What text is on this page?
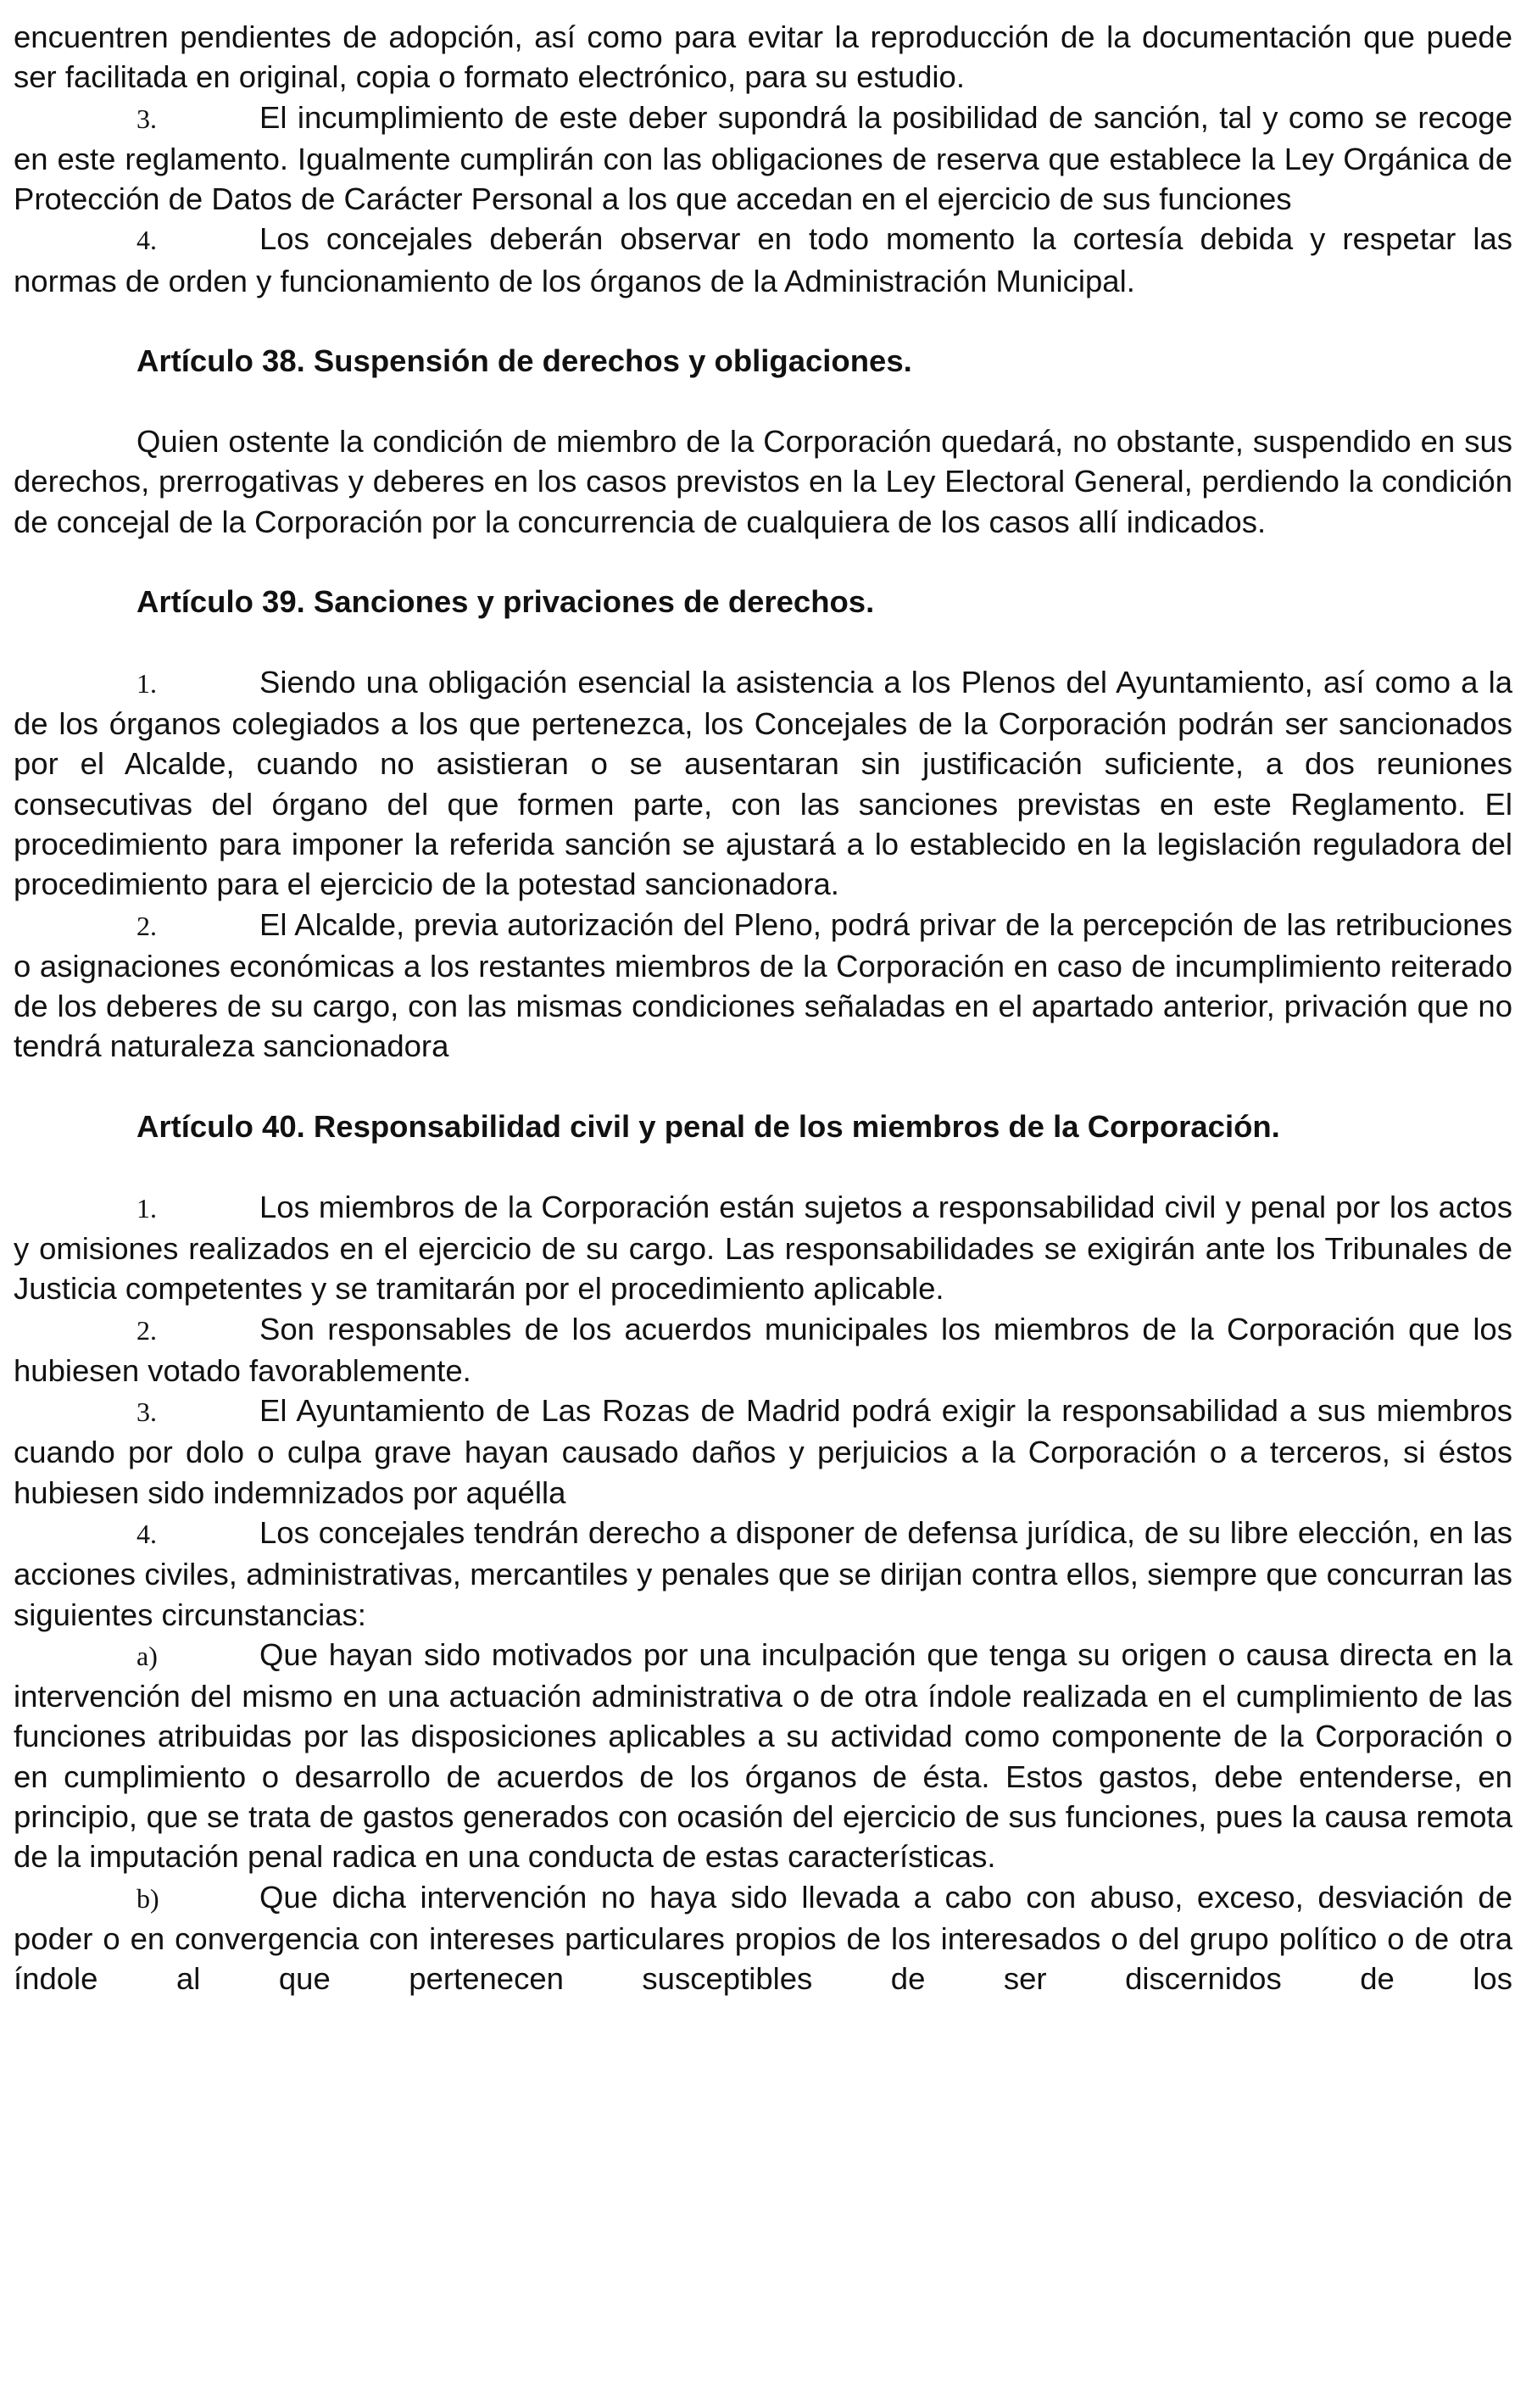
encuentren pendientes de adopción, así como para evitar la reproducción de la documentación que puede ser facilitada en original, copia o formato electrónico, para su estudio.

3.	El incumplimiento de este deber supondrá la posibilidad de sanción, tal y como se recoge en este reglamento. Igualmente cumplirán con las obligaciones de reserva que establece la Ley Orgánica de Protección de Datos de Carácter Personal a los que accedan en el ejercicio de sus funciones

4.	Los concejales deberán observar en todo momento la cortesía debida y respetar las normas de orden y funcionamiento de los órganos de la Administración Municipal.

Artículo 38. Suspensión de derechos y obligaciones.

Quien ostente la condición de miembro de la Corporación quedará, no obstante, suspendido en sus derechos, prerrogativas y deberes en los casos previstos en la Ley Electoral General, perdiendo la condición de concejal de la Corporación por la concurrencia de cualquiera de los casos allí indicados.

Artículo 39. Sanciones y privaciones de derechos.

1.	Siendo una obligación esencial la asistencia a los Plenos del Ayuntamiento, así como a la de los órganos colegiados a los que pertenezca, los Concejales de la Corporación podrán ser sancionados por el Alcalde, cuando no asistieran o se ausentaran sin justificación suficiente, a dos reuniones consecutivas del órgano del que formen parte, con las sanciones previstas en este Reglamento. El procedimiento para imponer la referida sanción se ajustará a lo establecido en la legislación reguladora del procedimiento para el ejercicio de la potestad sancionadora.

2.	El Alcalde, previa autorización del Pleno, podrá privar de la percepción de las retribuciones o asignaciones económicas a los restantes miembros de la Corporación en caso de incumplimiento reiterado de los deberes de su cargo, con las mismas condiciones señaladas en el apartado anterior, privación que no tendrá naturaleza sancionadora

Artículo 40. Responsabilidad civil y penal de los miembros de la Corporación.

1.	Los miembros de la Corporación están sujetos a responsabilidad civil y penal por los actos y omisiones realizados en el ejercicio de su cargo. Las responsabilidades se exigirán ante los Tribunales de Justicia competentes y se tramitarán por el procedimiento aplicable.

2.	Son responsables de los acuerdos municipales los miembros de la Corporación que los hubiesen votado favorablemente.

3.	El Ayuntamiento de Las Rozas de Madrid podrá exigir la responsabilidad a sus miembros cuando por dolo o culpa grave hayan causado daños y perjuicios a la Corporación o a terceros, si éstos hubiesen sido indemnizados por aquélla

4.	Los concejales tendrán derecho a disponer de defensa jurídica, de su libre elección, en las acciones civiles, administrativas, mercantiles y penales que se dirijan contra ellos, siempre que concurran las siguientes circunstancias:

a)	Que hayan sido motivados por una inculpación que tenga su origen o causa directa en la intervención del mismo en una actuación administrativa o de otra índole realizada en el cumplimiento de las funciones atribuidas por las disposiciones aplicables a su actividad como componente de la Corporación o en cumplimiento o desarrollo de acuerdos de los órganos de ésta. Estos gastos, debe entenderse, en principio, que se trata de gastos generados con ocasión del ejercicio de sus funciones, pues la causa remota de la imputación penal radica en una conducta de estas características.

b)	Que dicha intervención no haya sido llevada a cabo con abuso, exceso, desviación de poder o en convergencia con intereses particulares propios de los interesados o del grupo político o de otra índole al que pertenecen susceptibles de ser discernidos de los
